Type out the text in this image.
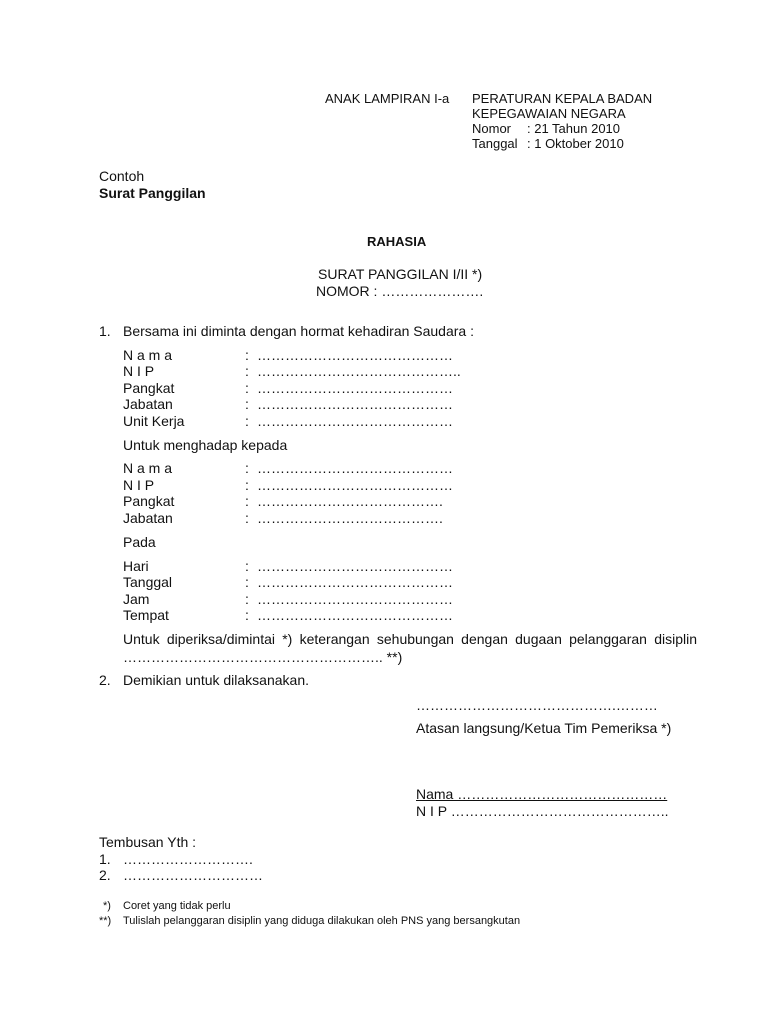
ANAK LAMPIRAN I-a PERATURAN KEPALA BADAN
KEPEGAWAIAN NEGARA
Nomor : 21 Tahun 2010
Tanggal : 1 Oktober 2010
Contoh
Surat Panggilan
RAHASIA
SURAT PANGGILAN I/II *)
NOMOR : ………………….
1. Bersama ini diminta dengan hormat kehadiran Saudara :
N a m a	: ……………………………………
N I P	: ……………………………………..
Pangkat	: ……………………………………
Jabatan	: ……………………………………
Unit Kerja	: ……………………………………
Untuk menghadap kepada
N a m a	: ……………………………………
N I P	: ……………………………………
Pangkat	: ………………………………….
Jabatan	: ………………………………….
Pada
Hari	: ……………………………………
Tanggal	: ……………………………………
Jam	: ……………………………………
Tempat	: ……………………………………
Untuk diperiksa/dimintai *) keterangan sehubungan dengan dugaan pelanggaran disiplin
……………………………………………….. **)
2. Demikian untuk dilaksanakan.
…………………………………….………
Atasan langsung/Ketua Tim Pemeriksa *)
Nama ………………………………………
N I P ………………………………………..
Tembusan Yth :
1. ……………………….
2. …………………………
*) Coret yang tidak perlu
**) Tulislah pelanggaran disiplin yang diduga dilakukan oleh PNS yang bersangkutan
